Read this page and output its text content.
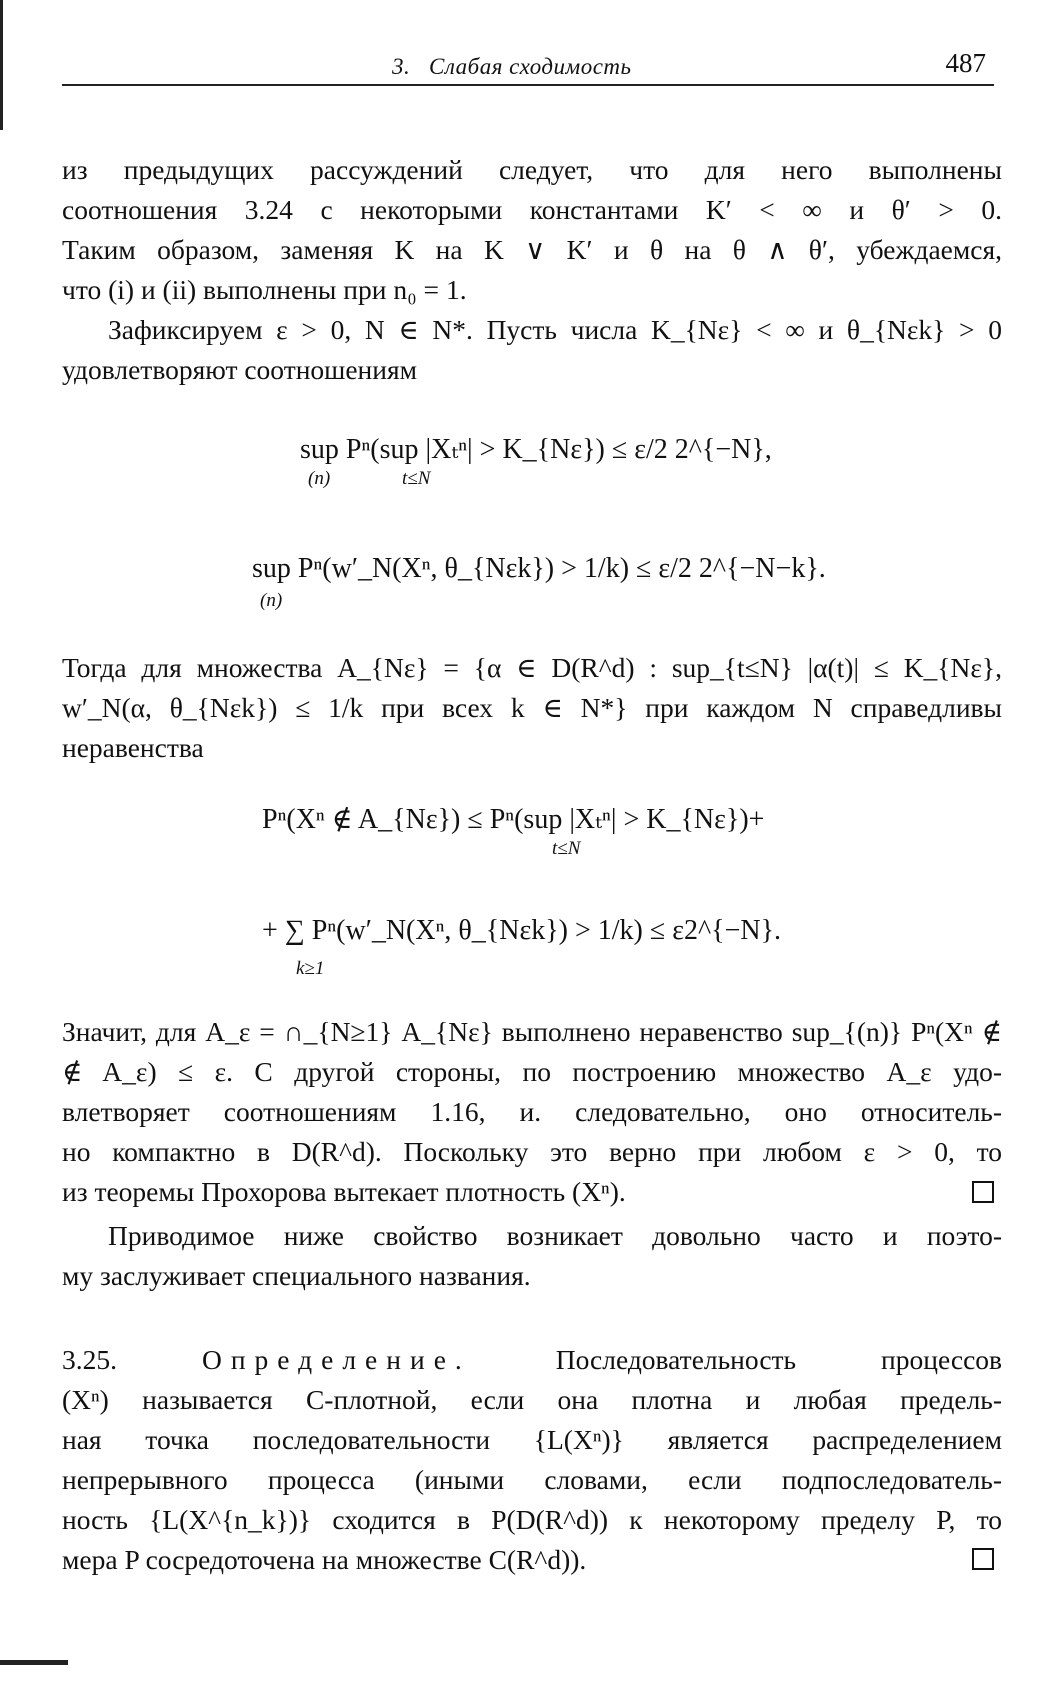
3. Слабая сходимость	487
из предыдущих рассуждений следует, что для него выполнены
соотношения 3.24 с некоторыми константами K′ < ∞ и θ′ > 0.
Таким образом, заменяя K на K ∨ K′ и θ на θ ∧ θ′, убеждаемся,
что (i) и (ii) выполнены при n₀ = 1.
Зафиксируем ε > 0, N ∈ N*. Пусть числа K_{Nε} < ∞ и θ_{Nεk} > 0
удовлетворяют соотношениям
sup Pⁿ(sup |Xₜⁿ| > K_{Nε}) ≤ ε/2 2^{−N},
(n)	t≤N
sup Pⁿ(w′_N(Xⁿ, θ_{Nεk}) > 1/k) ≤ ε/2 2^{−N−k}.
(n)
Тогда для множества A_{Nε} = {α ∈ D(R^d) : sup_{t≤N} |α(t)| ≤ K_{Nε},
w′_N(α, θ_{Nεk}) ≤ 1/k при всех k ∈ N*} при каждом N справедливы
неравенства
Pⁿ(Xⁿ ∉ A_{Nε}) ≤ Pⁿ(sup |Xₜⁿ| > K_{Nε})+
t≤N
+ ∑ Pⁿ(w′_N(Xⁿ, θ_{Nεk}) > 1/k) ≤ ε2^{−N}.
k≥1
Значит, для A_ε = ∩_{N≥1} A_{Nε} выполнено неравенство sup_{(n)} Pⁿ(Xⁿ ∉
∉ A_ε) ≤ ε. С другой стороны, по построению множество A_ε удо-
влетворяет соотношениям 1.16, и. следовательно, оно относитель-
но компактно в D(R^d). Поскольку это верно при любом ε > 0, то
из теоремы Прохорова вытекает плотность (Xⁿ).
Приводимое ниже свойство возникает довольно часто и поэто-
му заслуживает специального названия.
3.25.	Определение.	Последовательность процессов
(Xⁿ) называется C-плотной, если она плотна и любая предель-
ная точка последовательности {L(Xⁿ)} является распределением
непрерывного процесса (иными словами, если подпоследователь-
ность {L(X^{n_k})} сходится в P(D(R^d)) к некоторому пределу P, то
мера P сосредоточена на множестве C(R^d)).
